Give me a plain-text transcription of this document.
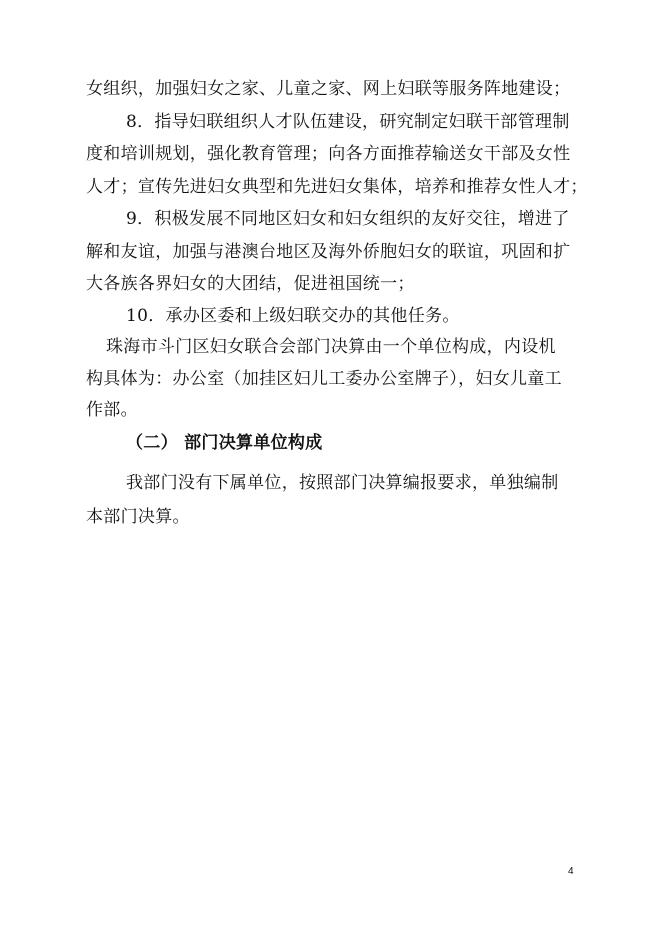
女组织，加强妇女之家、儿童之家、网上妇联等服务阵地建设；
8．指导妇联组织人才队伍建设，研究制定妇联干部管理制
度和培训规划，强化教育管理；向各方面推荐输送女干部及女性
人才；宣传先进妇女典型和先进妇女集体，培养和推荐女性人才；
9．积极发展不同地区妇女和妇女组织的友好交往，增进了
解和友谊，加强与港澳台地区及海外侨胞妇女的联谊，巩固和扩
大各族各界妇女的大团结，促进祖国统一；
10．承办区委和上级妇联交办的其他任务。
珠海市斗门区妇女联合会部门决算由一个单位构成，内设机
构具体为：办公室（加挂区妇儿工委办公室牌子），妇女儿童工
作部。
（二） 部门决算单位构成
我部门没有下属单位，按照部门决算编报要求，单独编制
本部门决算。
4
